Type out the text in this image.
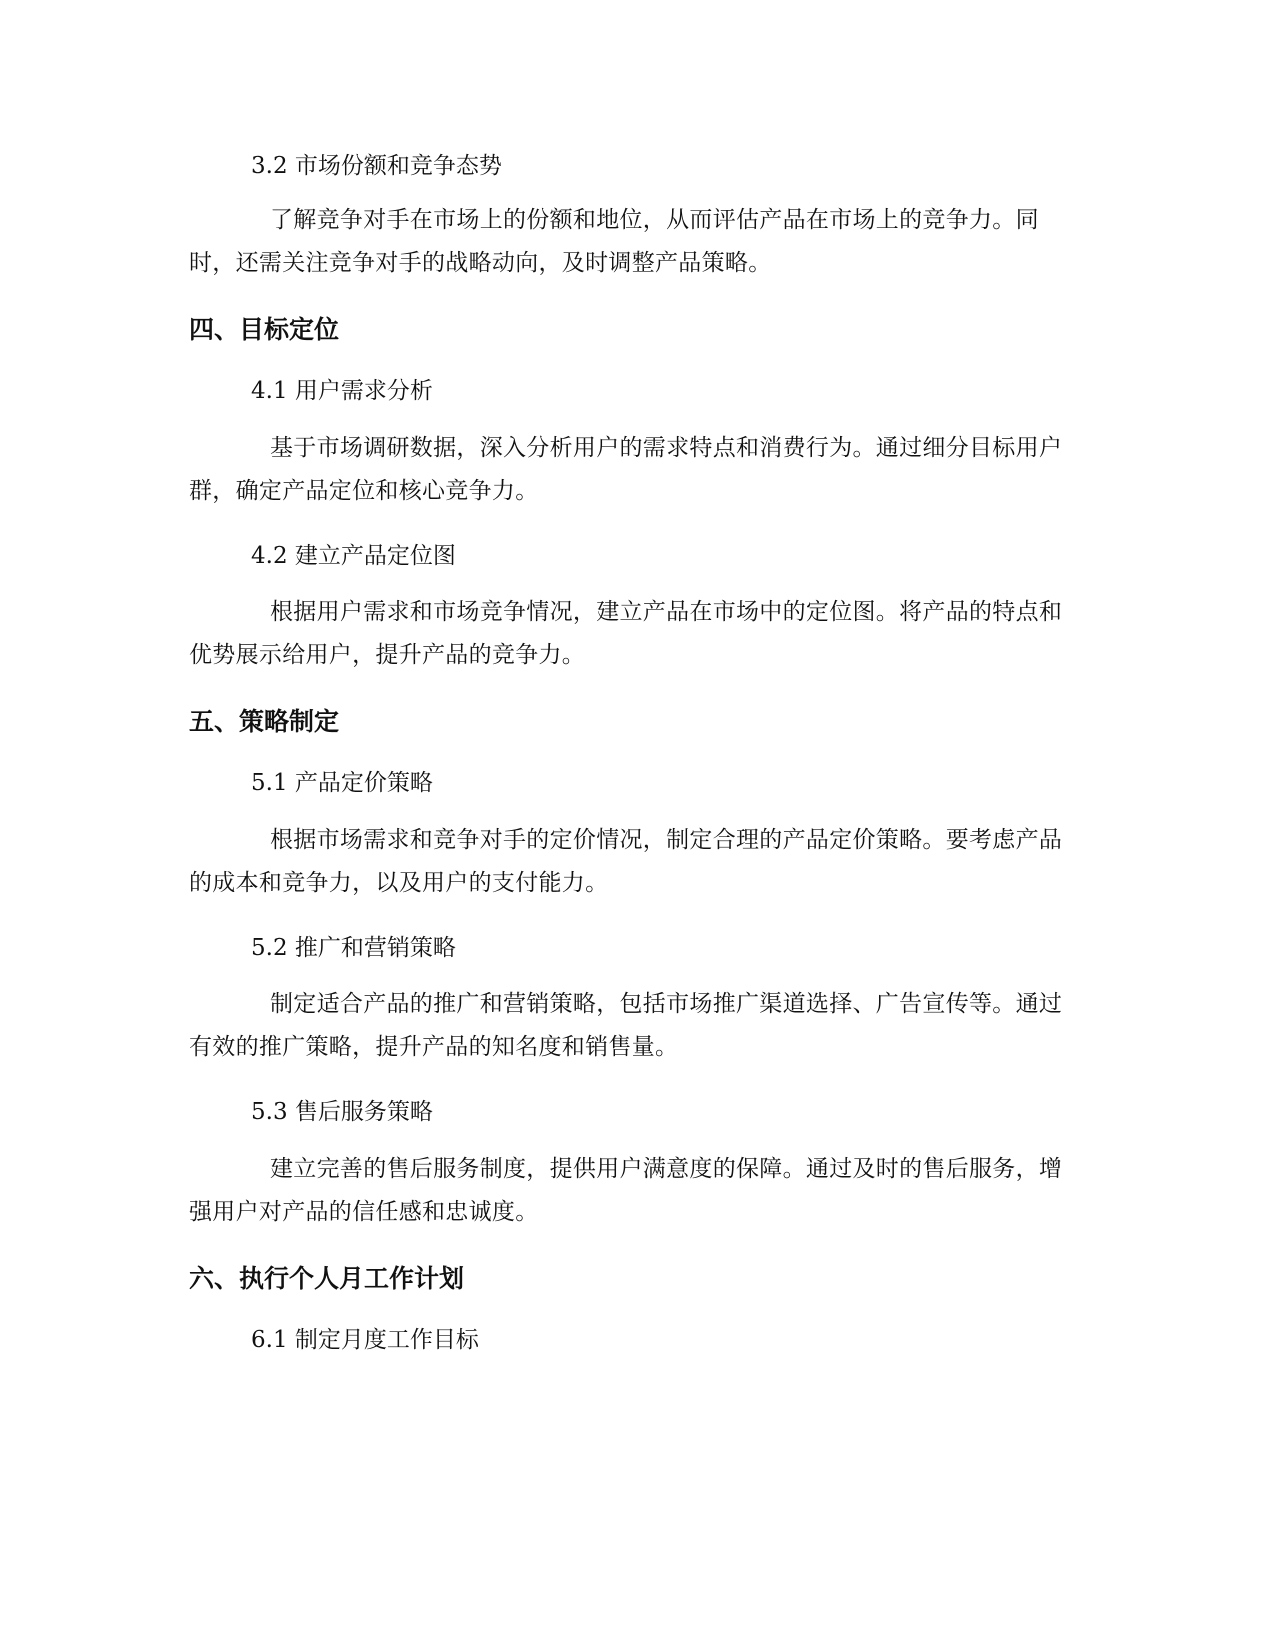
3.2 市场份额和竞争态势

了解竞争对手在市场上的份额和地位，从而评估产品在市场上的竞争力。同时，还需关注竞争对手的战略动向，及时调整产品策略。

四、目标定位

4.1 用户需求分析

基于市场调研数据，深入分析用户的需求特点和消费行为。通过细分目标用户群，确定产品定位和核心竞争力。

4.2 建立产品定位图

根据用户需求和市场竞争情况，建立产品在市场中的定位图。将产品的特点和优势展示给用户，提升产品的竞争力。

五、策略制定

5.1 产品定价策略

根据市场需求和竞争对手的定价情况，制定合理的产品定价策略。要考虑产品的成本和竞争力，以及用户的支付能力。

5.2 推广和营销策略

制定适合产品的推广和营销策略，包括市场推广渠道选择、广告宣传等。通过有效的推广策略，提升产品的知名度和销售量。

5.3 售后服务策略

建立完善的售后服务制度，提供用户满意度的保障。通过及时的售后服务，增强用户对产品的信任感和忠诚度。

六、执行个人月工作计划

6.1 制定月度工作目标
